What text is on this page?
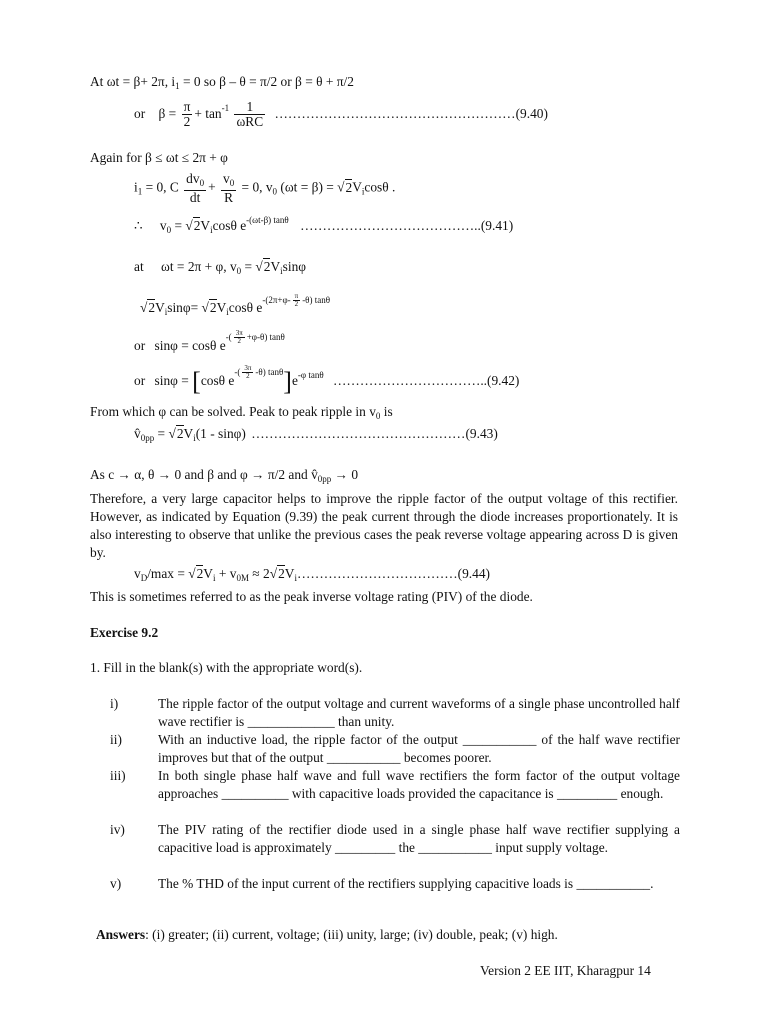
At ωt = β+ 2π, $i_1 = 0$ so β – θ = π/2 or β = θ + π/2
or $\beta = \frac{\pi}{2} + \tan^{-1} \frac{1}{\text{ωRC}}$ ………………………………………………(9.40)
Again for β ≤ ωt ≤ 2π + φ
$i_1 = 0$, C $\frac{dv_0}{dt} + \frac{v_0}{R} = 0$, $v_0$ $(\omega t = \beta) = √2V_i\cos\theta$ .
∴ $v_0 = √2V_i\cos\theta$ $e^{-(\omega t-\beta) tan\theta}$ …………………………………..(9.41)
at ωt = 2π + φ, $v_0 = √2V_i\sin\varphi$
$√2V_i\sin\varphi= √2V_i\cos\theta$ $e^{-(2\pi+\varphi- \frac{\pi}{2} -\theta) tan\theta}$
or sinφ = cosθ $e^{-( \frac{3\pi}{2} +\varphi-\theta) tan\theta}$
or sinφ = [cosθ $e^{-( \frac{3\pi}{2} -\theta) tan\theta}]e^{-\varphi tan\theta}$ ……………………………..(9.42)
From which φ can be solved. Peak to peak ripple in $v_0$ is
$v̂_{0pp} = √2V_i(1 - \sin\varphi)$ …………………………………………(9.43)
As c → α, θ → 0 and β and φ → π/2 and $v̂_{0pp} \to 0$
Therefore, a very large capacitor helps to improve the ripple factor of the output voltage of this rectifier. However, as indicated by Equation (9.39) the peak current through the diode increases proportionately. It is also interesting to observe that unlike the previous cases the peak reverse voltage appearing across D is given by.
$v_D/\max = √2V_i + v_{0M}$ ≈ $2√2V_i\dots\dots\dots\dots\dots\dots\dots\dots\dots\dots\dots\dots(9.44)$
This is sometimes referred to as the peak inverse voltage rating (PIV) of the diode.
Exercise 9.2
1. Fill in the blank(s) with the appropriate word(s).
i)	The ripple factor of the output voltage and current waveforms of a single phase uncontrolled half wave rectifier is _____________ than unity.
ii)	With an inductive load, the ripple factor of the output ___________ of the half wave rectifier improves but that of the output ___________ becomes poorer.
iii) In both single phase half wave and full wave rectifiers the form factor of the output voltage approaches __________ with capacitive loads provided the capacitance is _________ enough.
iv) The PIV rating of the rectifier diode used in a single phase half wave rectifier supplying a capacitive load is approximately _________ the ___________ input supply voltage.
v)	The % THD of the input current of the rectifiers supplying capacitive loads is ___________.
Answers: (i) greater; (ii) current, voltage; (iii) unity, large; (iv) double, peak; (v) high.
Version 2 EE IIT, Kharagpur 14
